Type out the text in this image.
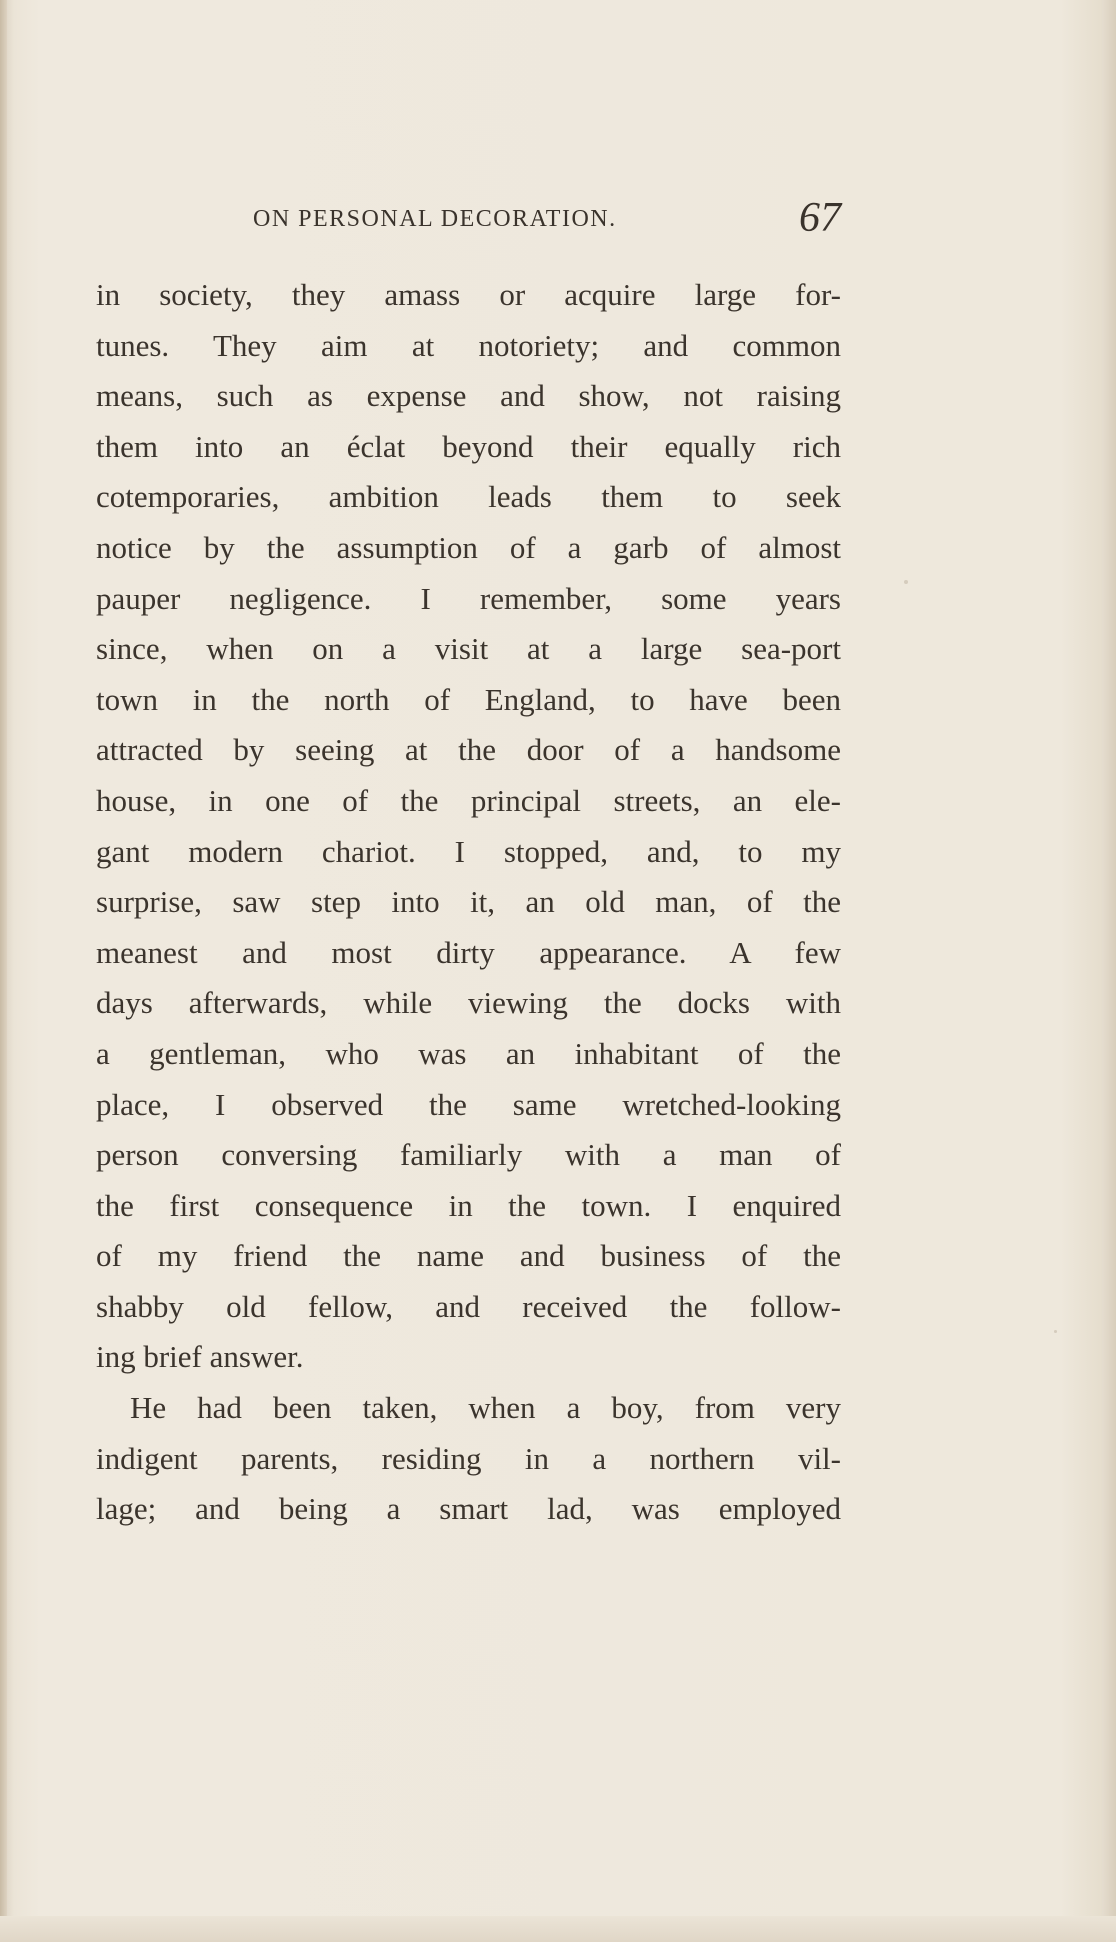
ON PERSONAL DECORATION.	67
in society, they amass or acquire large for-
tunes. They aim at notoriety; and common
means, such as expense and show, not raising
them into an éclat beyond their equally rich
cotemporaries, ambition leads them to seek
notice by the assumption of a garb of almost
pauper negligence. I remember, some years
since, when on a visit at a large sea-port
town in the north of England, to have been
attracted by seeing at the door of a handsome
house, in one of the principal streets, an ele-
gant modern chariot. I stopped, and, to my
surprise, saw step into it, an old man, of the
meanest and most dirty appearance. A few
days afterwards, while viewing the docks with
a gentleman, who was an inhabitant of the
place, I observed the same wretched-looking
person conversing familiarly with a man of
the first consequence in the town. I enquired
of my friend the name and business of the
shabby old fellow, and received the follow-
ing brief answer.
He had been taken, when a boy, from very
indigent parents, residing in a northern vil-
lage; and being a smart lad, was employed
